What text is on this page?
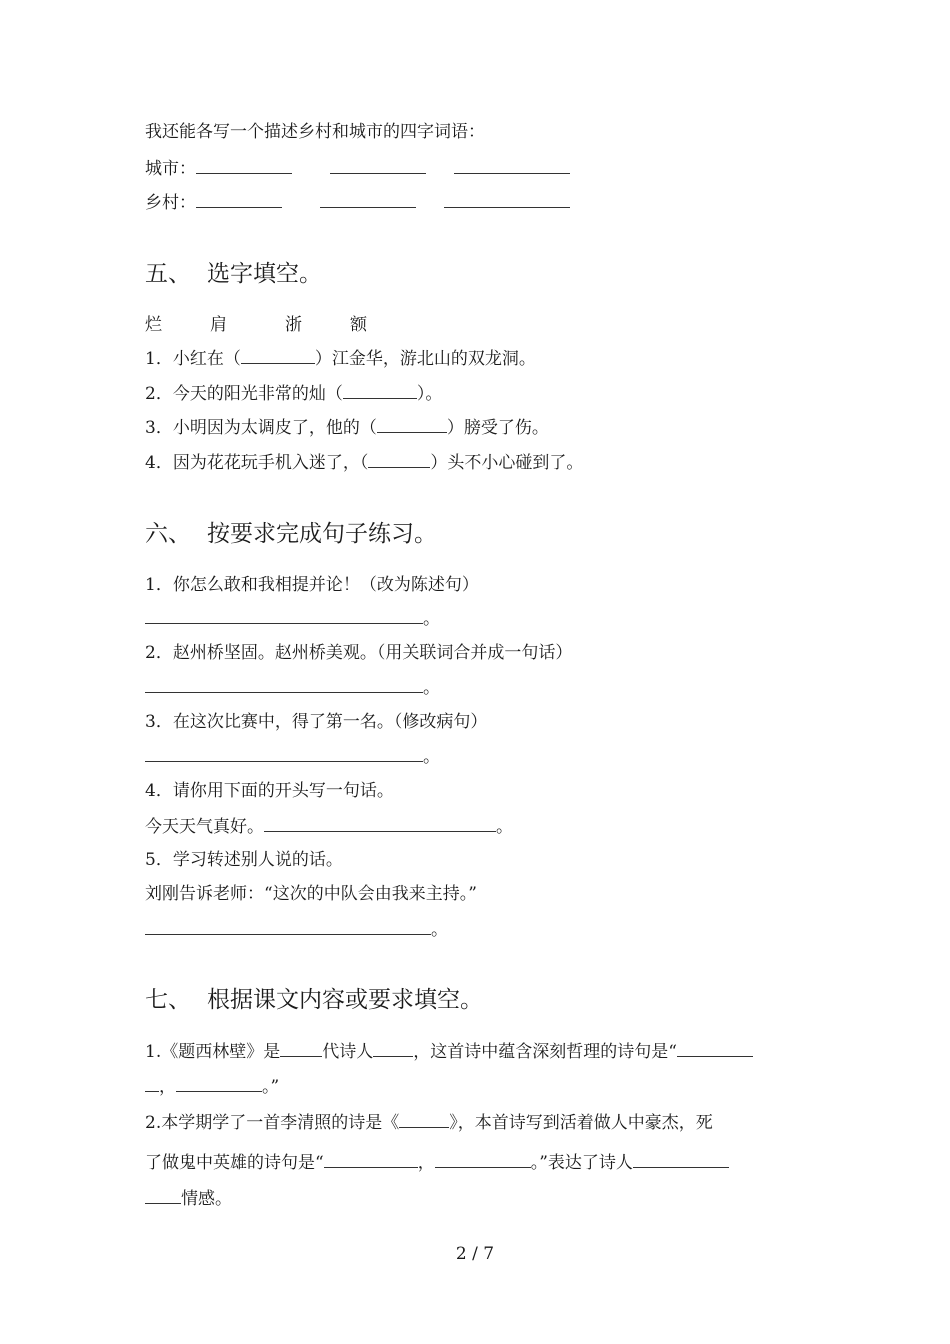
我还能各写一个描述乡村和城市的四字词语：
城市：
乡村：
五、 选字填空。
烂	肩	浙	额
1．小红在（	）江金华，游北山的双龙洞。
2．今天的阳光非常的灿（	）。
3．小明因为太调皮了，他的（	）膀受了伤。
4．因为花花玩手机入迷了，（	）头不小心碰到了。
六、 按要求完成句子练习。
1．你怎么敢和我相提并论！（改为陈述句）
。
2．赵州桥坚固。赵州桥美观。（用关联词合并成一句话）
。
3．在这次比赛中，得了第一名。（修改病句）
。
4．请你用下面的开头写一句话。
今天天气真好。	。
5．学习转述别人说的话。
刘刚告诉老师：“这次的中队会由我来主持。”
。
七、 根据课文内容或要求填空。
1.《题西林壁》是 代诗人 ，这首诗中蕴含深刻哲理的诗句是“
，	。”
2.本学期学了一首李清照的诗是《	》，本首诗写到活着做人中豪杰，死
了做鬼中英雄的诗句是“	，	。”表达了诗人
情感。
2 / 7
